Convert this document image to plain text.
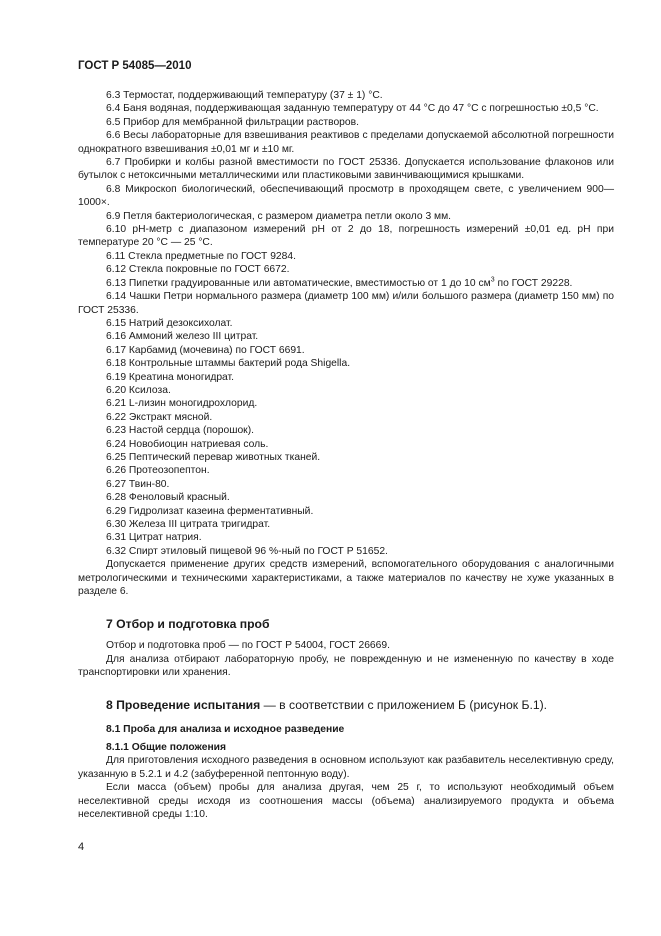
ГОСТ Р 54085—2010

6.3 Термостат, поддерживающий температуру (37 ± 1) °С.

6.4 Баня водяная, поддерживающая заданную температуру от 44 °С до 47 °С с погрешностью ±0,5 °С.

6.5 Прибор для мембранной фильтрации растворов.

6.6 Весы лабораторные для взвешивания реактивов с пределами допускаемой абсолютной погрешности однократного взвешивания ±0,01 мг и ±10 мг.

6.7 Пробирки и колбы разной вместимости по ГОСТ 25336. Допускается использование флаконов или бутылок с нетоксичными металлическими или пластиковыми завинчивающимися крышками.

6.8 Микроскоп биологический, обеспечивающий просмотр в проходящем свете, с увеличением 900—1000×.

6.9 Петля бактериологическая, с размером диаметра петли около 3 мм.

6.10 pH-метр с диапазоном измерений pH от 2 до 18, погрешность измерений ±0,01 ед. pH при температуре 20 °С — 25 °С.

6.11 Стекла предметные по ГОСТ 9284.

6.12 Стекла покровные по ГОСТ 6672.

6.13 Пипетки градуированные или автоматические, вместимостью от 1 до 10 $см^3$ по ГОСТ 29228.

6.14 Чашки Петри нормального размера (диаметр 100 мм) и/или большого размера (диаметр 150 мм) по ГОСТ 25336.

6.15 Натрий дезоксихолат.

6.16 Аммоний железо III цитрат.

6.17 Карбамид (мочевина) по ГОСТ 6691.

6.18 Контрольные штаммы бактерий рода Shigella.

6.19 Креатина моногидрат.

6.20 Ксилоза.

6.21 L-лизин моногидрохлорид.

6.22 Экстракт мясной.

6.23 Настой сердца (порошок).

6.24 Новобиоцин натриевая соль.

6.25 Пептический перевар животных тканей.

6.26 Протеозопептон.

6.27 Твин-80.

6.28 Феноловый красный.

6.29 Гидролизат казеина ферментативный.

6.30 Железа III цитрата тригидрат.

6.31 Цитрат натрия.

6.32 Спирт этиловый пищевой 96 %-ный по ГОСТ Р 51652.

Допускается применение других средств измерений, вспомогательного оборудования с аналогичными метрологическими и техническими характеристиками, а также материалов по качеству не хуже указанных в разделе 6.

7 Отбор и подготовка проб

Отбор и подготовка проб — по ГОСТ Р 54004, ГОСТ 26669.

Для анализа отбирают лабораторную пробу, не поврежденную и не измененную по качеству в ходе транспортировки или хранения.

8 Проведение испытания — в соответствии с приложением Б (рисунок Б.1).
8.1 Проба для анализа и исходное разведение
8.1.1 Общие положения

Для приготовления исходного разведения в основном используют как разбавитель неселективную среду, указанную в 5.2.1 и 4.2 (забуференной пептонную воду).

Если масса (объем) пробы для анализа другая, чем 25 г, то используют необходимый объем неселективной среды исходя из соотношения массы (объема) анализируемого продукта и объема неселективной среды 1:10.

4
